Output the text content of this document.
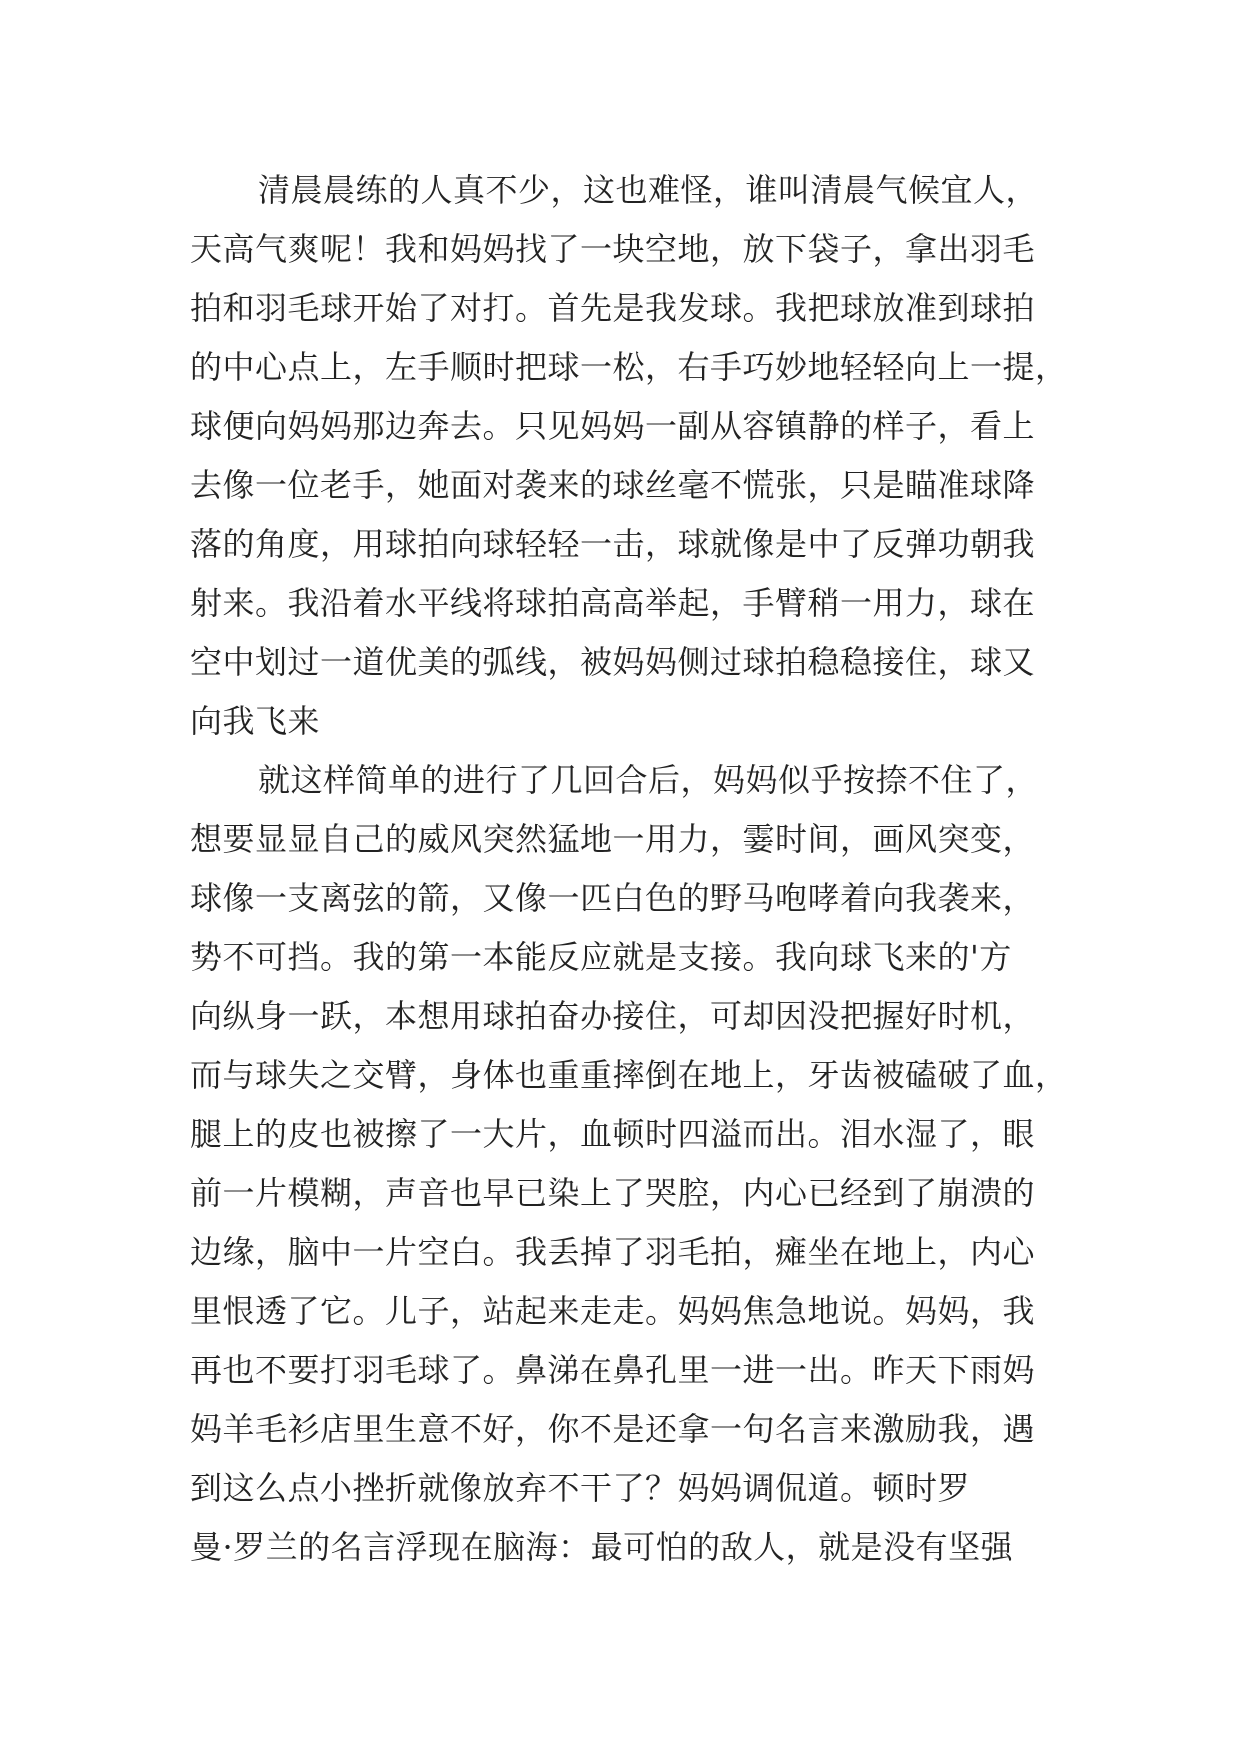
清晨晨练的人真不少，这也难怪，谁叫清晨气候宜人，
天高气爽呢！我和妈妈找了一块空地，放下袋子，拿出羽毛
拍和羽毛球开始了对打。首先是我发球。我把球放准到球拍
的中心点上，左手顺时把球一松，右手巧妙地轻轻向上一提，
球便向妈妈那边奔去。只见妈妈一副从容镇静的样子，看上
去像一位老手，她面对袭来的球丝毫不慌张，只是瞄准球降
落的角度，用球拍向球轻轻一击，球就像是中了反弹功朝我
射来。我沿着水平线将球拍高高举起，手臂稍一用力，球在
空中划过一道优美的弧线，被妈妈侧过球拍稳稳接住，球又
向我飞来
就这样简单的进行了几回合后，妈妈似乎按捺不住了，
想要显显自己的威风突然猛地一用力，霎时间，画风突变，
球像一支离弦的箭，又像一匹白色的野马咆哮着向我袭来，
势不可挡。我的第一本能反应就是支接。我向球飞来的'方
向纵身一跃，本想用球拍奋办接住，可却因没把握好时机，
而与球失之交臂，身体也重重摔倒在地上，牙齿被磕破了血，
腿上的皮也被擦了一大片，血顿时四溢而出。泪水湿了，眼
前一片模糊，声音也早已染上了哭腔，内心已经到了崩溃的
边缘，脑中一片空白。我丢掉了羽毛拍，瘫坐在地上，内心
里恨透了它。儿子，站起来走走。妈妈焦急地说。妈妈，我
再也不要打羽毛球了。鼻涕在鼻孔里一进一出。昨天下雨妈
妈羊毛衫店里生意不好，你不是还拿一句名言来激励我，遇
到这么点小挫折就像放弃不干了？妈妈调侃道。顿时罗
曼·罗兰的名言浮现在脑海：最可怕的敌人，就是没有坚强
